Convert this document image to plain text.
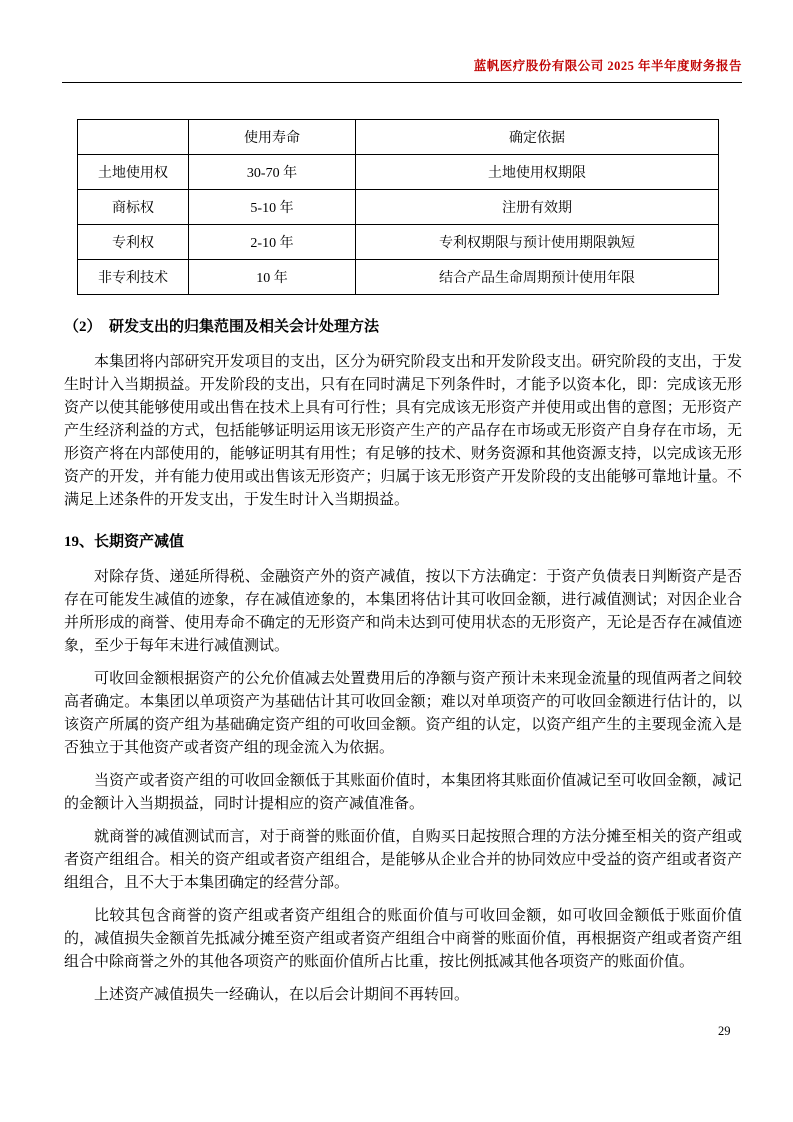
蓝帆医疗股份有限公司 2025 年半年度财务报告
	使用寿命	确定依据
土地使用权	30-70 年	土地使用权期限
商标权	5-10 年	注册有效期
专利权	2-10 年	专利权期限与预计使用期限孰短
非专利技术	10 年	结合产品生命周期预计使用年限
（2）　研发支出的归集范围及相关会计处理方法

本集团将内部研究开发项目的支出，区分为研究阶段支出和开发阶段支出。研究阶段的支出，于发生时计入当期损益。开发阶段的支出，只有在同时满足下列条件时，才能予以资本化，即：完成该无形资产以使其能够使用或出售在技术上具有可行性；具有完成该无形资产并使用或出售的意图；无形资产产生经济利益的方式，包括能够证明运用该无形资产生产的产品存在市场或无形资产自身存在市场，无形资产将在内部使用的，能够证明其有用性；有足够的技术、财务资源和其他资源支持，以完成该无形资产的开发，并有能力使用或出售该无形资产；归属于该无形资产开发阶段的支出能够可靠地计量。不满足上述条件的开发支出，于发生时计入当期损益。

19、长期资产减值

对除存货、递延所得税、金融资产外的资产减值，按以下方法确定：于资产负债表日判断资产是否存在可能发生减值的迹象，存在减值迹象的，本集团将估计其可收回金额，进行减值测试；对因企业合并所形成的商誉、使用寿命不确定的无形资产和尚未达到可使用状态的无形资产，无论是否存在减值迹象，至少于每年末进行减值测试。

可收回金额根据资产的公允价值减去处置费用后的净额与资产预计未来现金流量的现值两者之间较高者确定。本集团以单项资产为基础估计其可收回金额；难以对单项资产的可收回金额进行估计的，以该资产所属的资产组为基础确定资产组的可收回金额。资产组的认定，以资产组产生的主要现金流入是否独立于其他资产或者资产组的现金流入为依据。

当资产或者资产组的可收回金额低于其账面价值时，本集团将其账面价值减记至可收回金额，减记的金额计入当期损益，同时计提相应的资产减值准备。

就商誉的减值测试而言，对于商誉的账面价值，自购买日起按照合理的方法分摊至相关的资产组或者资产组组合。相关的资产组或者资产组组合，是能够从企业合并的协同效应中受益的资产组或者资产组组合，且不大于本集团确定的经营分部。

比较其包含商誉的资产组或者资产组组合的账面价值与可收回金额，如可收回金额低于账面价值的，减值损失金额首先抵减分摊至资产组或者资产组组合中商誉的账面价值，再根据资产组或者资产组组合中除商誉之外的其他各项资产的账面价值所占比重，按比例抵减其他各项资产的账面价值。

上述资产减值损失一经确认，在以后会计期间不再转回。

29
